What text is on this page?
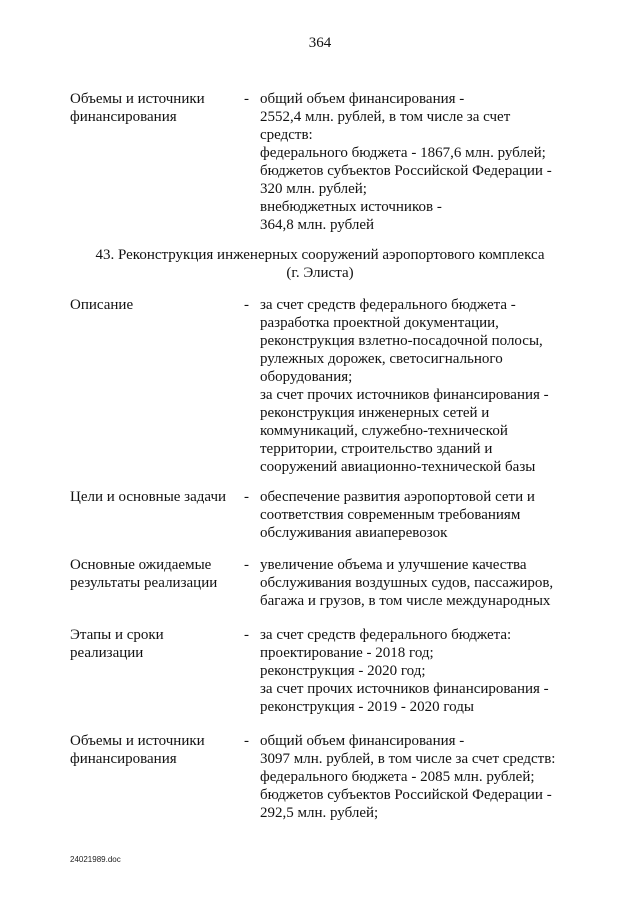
364
Объемы и источники
финансирования
- общий объем финансирования -
2552,4 млн. рублей, в том числе за счет
средств:
федерального бюджета - 1867,6 млн. рублей;
бюджетов субъектов Российской Федерации -
320 млн. рублей;
внебюджетных источников -
364,8 млн. рублей
43. Реконструкция инженерных сооружений аэропортового комплекса
(г. Элиста)
Описание	- за счет средств федерального бюджета -
разработка проектной документации,
реконструкция взлетно-посадочной полосы,
рулежных дорожек, светосигнального
оборудования;
за счет прочих источников финансирования -
реконструкция инженерных сетей и
коммуникаций, служебно-технической
территории, строительство зданий и
сооружений авиационно-технической базы
Цели и основные задачи	- обеспечение развития аэропортовой сети и
соответствия современным требованиям
обслуживания авиаперевозок
Основные ожидаемые
результаты реализации
- увеличение объема и улучшение качества
обслуживания воздушных судов, пассажиров,
багажа и грузов, в том числе международных
Этапы и сроки
реализации
- за счет средств федерального бюджета:
проектирование - 2018 год;
реконструкция - 2020 год;
за счет прочих источников финансирования -
реконструкция - 2019 - 2020 годы
Объемы и источники
финансирования
- общий объем финансирования -
3097 млн. рублей, в том числе за счет средств:
федерального бюджета - 2085 млн. рублей;
бюджетов субъектов Российской Федерации -
292,5 млн. рублей;
24021989.doc
